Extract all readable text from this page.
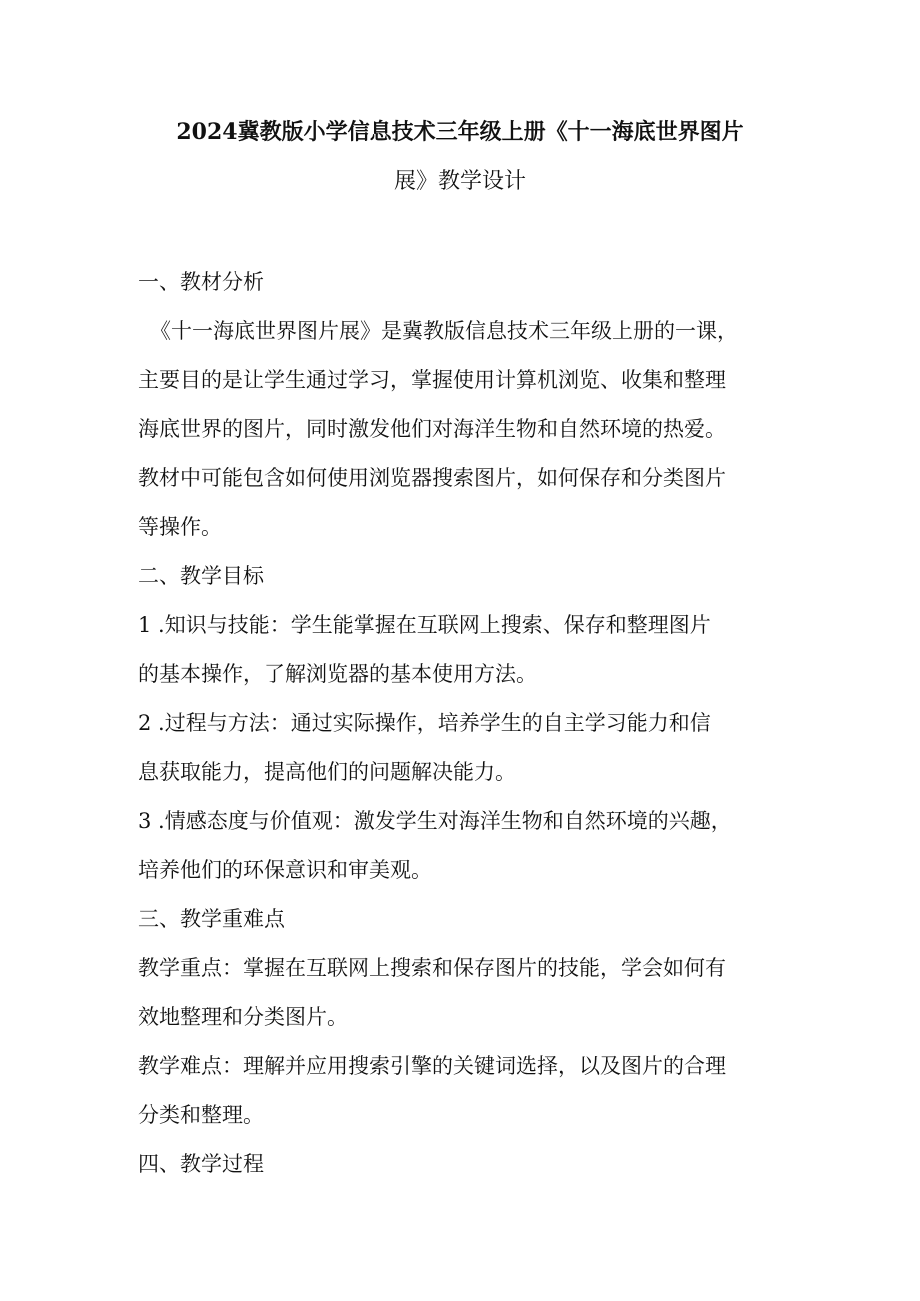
2024冀教版小学信息技术三年级上册《十一海底世界图片
展》教学设计
一、教材分析
《十一海底世界图片展》是冀教版信息技术三年级上册的一课，
主要目的是让学生通过学习，掌握使用计算机浏览、收集和整理
海底世界的图片，同时激发他们对海洋生物和自然环境的热爱。
教材中可能包含如何使用浏览器搜索图片，如何保存和分类图片
等操作。
二、教学目标
1 .知识与技能：学生能掌握在互联网上搜索、保存和整理图片
的基本操作，了解浏览器的基本使用方法。
2 .过程与方法：通过实际操作，培养学生的自主学习能力和信
息获取能力，提高他们的问题解决能力。
3 .情感态度与价值观：激发学生对海洋生物和自然环境的兴趣，
培养他们的环保意识和审美观。
三、教学重难点
教学重点：掌握在互联网上搜索和保存图片的技能，学会如何有
效地整理和分类图片。
教学难点：理解并应用搜索引擎的关键词选择，以及图片的合理
分类和整理。
四、教学过程
